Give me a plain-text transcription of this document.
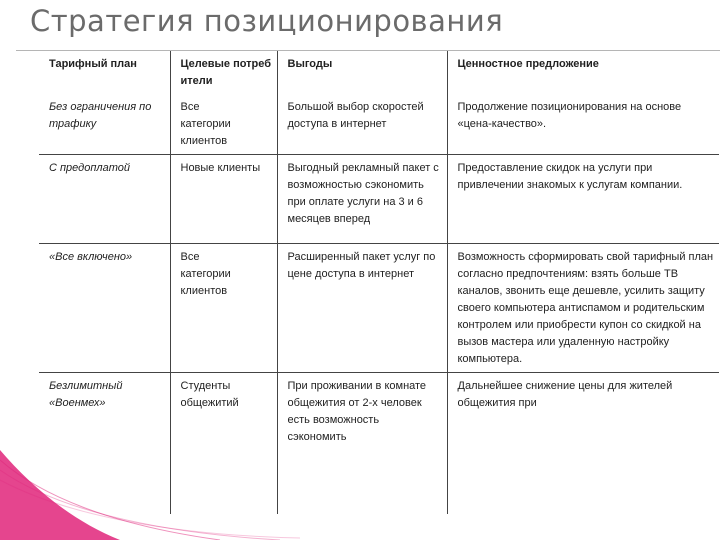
Стратегия позиционирования
Тарифный план	Целевые потребители	Выгоды	Ценностное предложение
Без ограничения по трафику	Все категории клиентов	Большой выбор скоростей доступа в интернет	Продолжение позиционирования на основе «цена-качество».
С предоплатой	Новые клиенты	Выгодный рекламный пакет с возможностью сэкономить при оплате услуги на 3 и 6 месяцев вперед	Предоставление скидок на услуги при привлечении знакомых к услугам компании.
«Все включено»	Все категории клиентов	Расширенный пакет услуг по цене доступа в интернет	Возможность сформировать свой тарифный план согласно предпочтениям: взять больше ТВ каналов, звонить еще дешевле, усилить защиту своего компьютера антиспамом и родительским контролем или приобрести купон со скидкой на вызов мастера или удаленную настройку компьютера.
Безлимитный «Военмех»	Студенты общежитий	При проживании в комнате общежития от 2-х человек есть возможность сэкономить	Дальнейшее снижение цены для жителей общежития при
